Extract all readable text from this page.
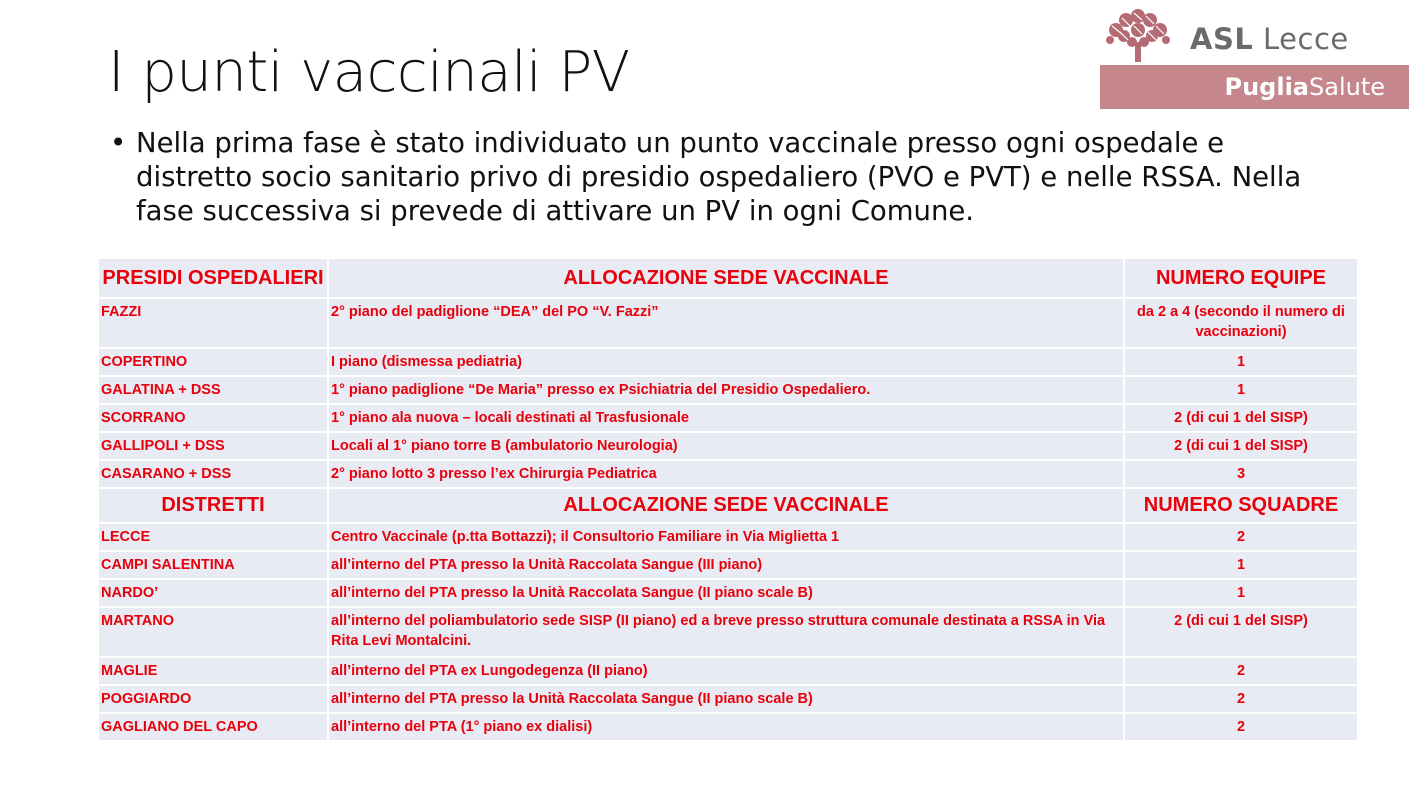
I punti vaccinali PV
• Nella prima fase è stato individuato un punto vaccinale presso ogni ospedale e distretto socio sanitario privo di presidio ospedaliero (PVO e PVT) e nelle RSSA. Nella fase successiva si prevede di attivare un PV in ogni Comune.
ASL Lecce
PugliaSalute
PRESIDI OSPEDALIERI	ALLOCAZIONE SEDE VACCINALE	NUMERO EQUIPE
FAZZI	2° piano del padiglione “DEA” del PO “V. Fazzi”	da 2 a 4 (secondo il numero di vaccinazioni)
COPERTINO	I piano (dismessa pediatria)	1
GALATINA + DSS	1° piano padiglione “De Maria” presso ex Psichiatria del Presidio Ospedaliero.	1
SCORRANO	1° piano ala nuova – locali destinati al Trasfusionale	2 (di cui 1 del SISP)
GALLIPOLI + DSS	Locali al 1° piano torre B (ambulatorio Neurologia)	2 (di cui 1 del SISP)
CASARANO + DSS	2° piano lotto 3 presso l’ex Chirurgia Pediatrica	3
DISTRETTI	ALLOCAZIONE SEDE VACCINALE	NUMERO SQUADRE
LECCE	Centro Vaccinale (p.tta Bottazzi); il Consultorio Familiare in Via Miglietta 1	2
CAMPI SALENTINA	all’interno del PTA presso la Unità Raccolata Sangue (III piano)	1
NARDO’	all’interno del PTA presso la Unità Raccolata Sangue (II piano scale B)	1
MARTANO	all’interno del poliambulatorio sede SISP (II piano) ed a breve presso struttura comunale destinata a RSSA in Via Rita Levi Montalcini.	2 (di cui 1 del SISP)
MAGLIE	all’interno del PTA ex Lungodegenza (II piano)	2
POGGIARDO	all’interno del PTA presso la Unità Raccolata Sangue (II piano scale B)	2
GAGLIANO DEL CAPO	all’interno del PTA (1° piano ex dialisi)	2
